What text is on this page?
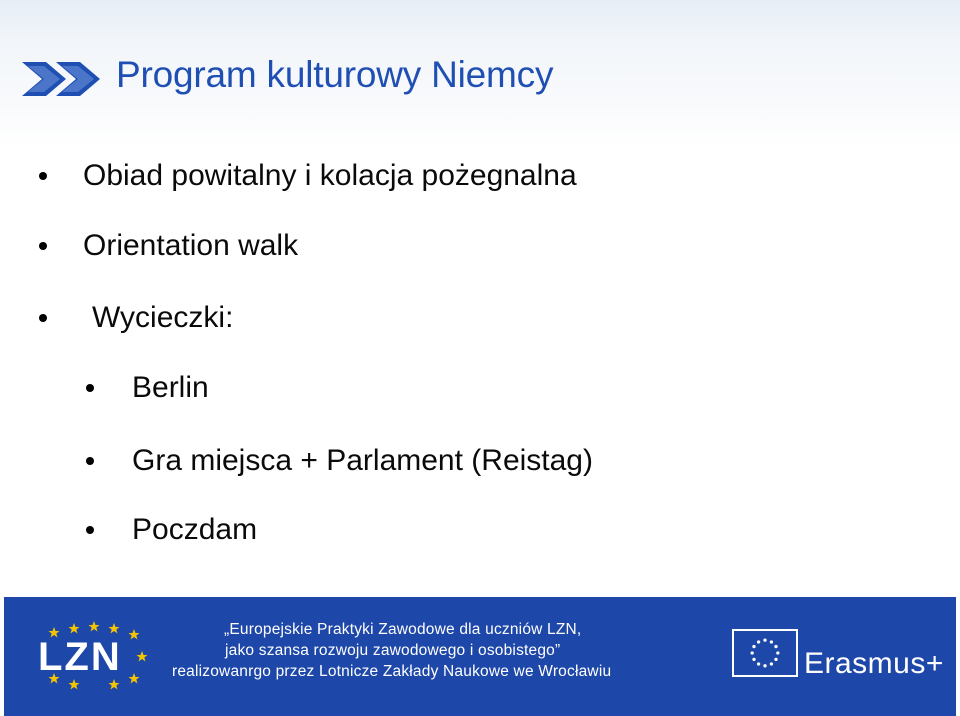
Program kulturowy Niemcy
Obiad powitalny i kolacja pożegnalna
Orientation walk
Wycieczki:
Berlin
Gra miejsca + Parlament (Reistag)
Poczdam
LZN
„Europejskie Praktyki Zawodowe dla uczniów LZN,
jako szansa rozwoju zawodowego i osobistego”
realizowanrgo przez Lotnicze Zakłady Naukowe we Wrocławiu	Erasmus+
